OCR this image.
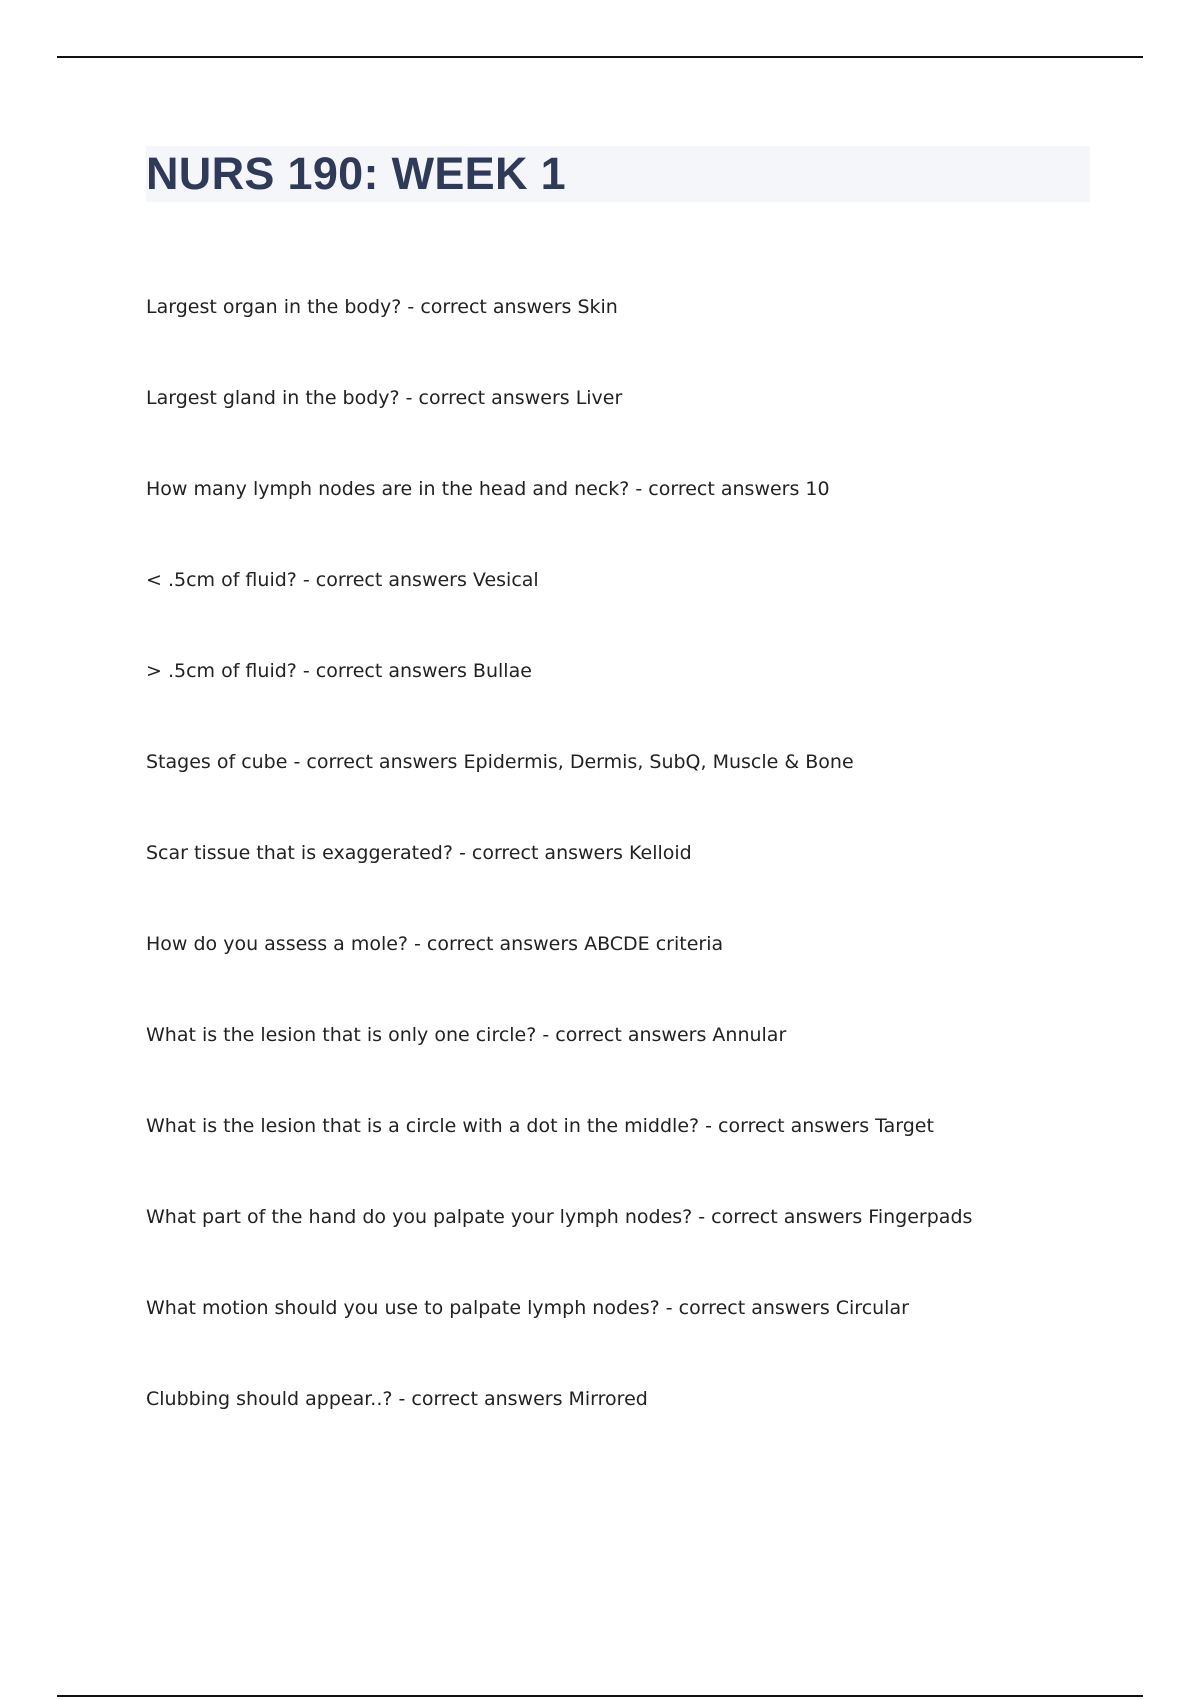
NURS 190: WEEK 1
Largest organ in the body? - correct answers Skin
Largest gland in the body? - correct answers Liver
How many lymph nodes are in the head and neck? - correct answers 10
< .5cm of fluid? - correct answers Vesical
> .5cm of fluid? - correct answers Bullae
Stages of cube - correct answers Epidermis, Dermis, SubQ, Muscle & Bone
Scar tissue that is exaggerated? - correct answers Kelloid
How do you assess a mole? - correct answers ABCDE criteria
What is the lesion that is only one circle? - correct answers Annular
What is the lesion that is a circle with a dot in the middle? - correct answers Target
What part of the hand do you palpate your lymph nodes? - correct answers Fingerpads
What motion should you use to palpate lymph nodes? - correct answers Circular
Clubbing should appear..? - correct answers Mirrored
